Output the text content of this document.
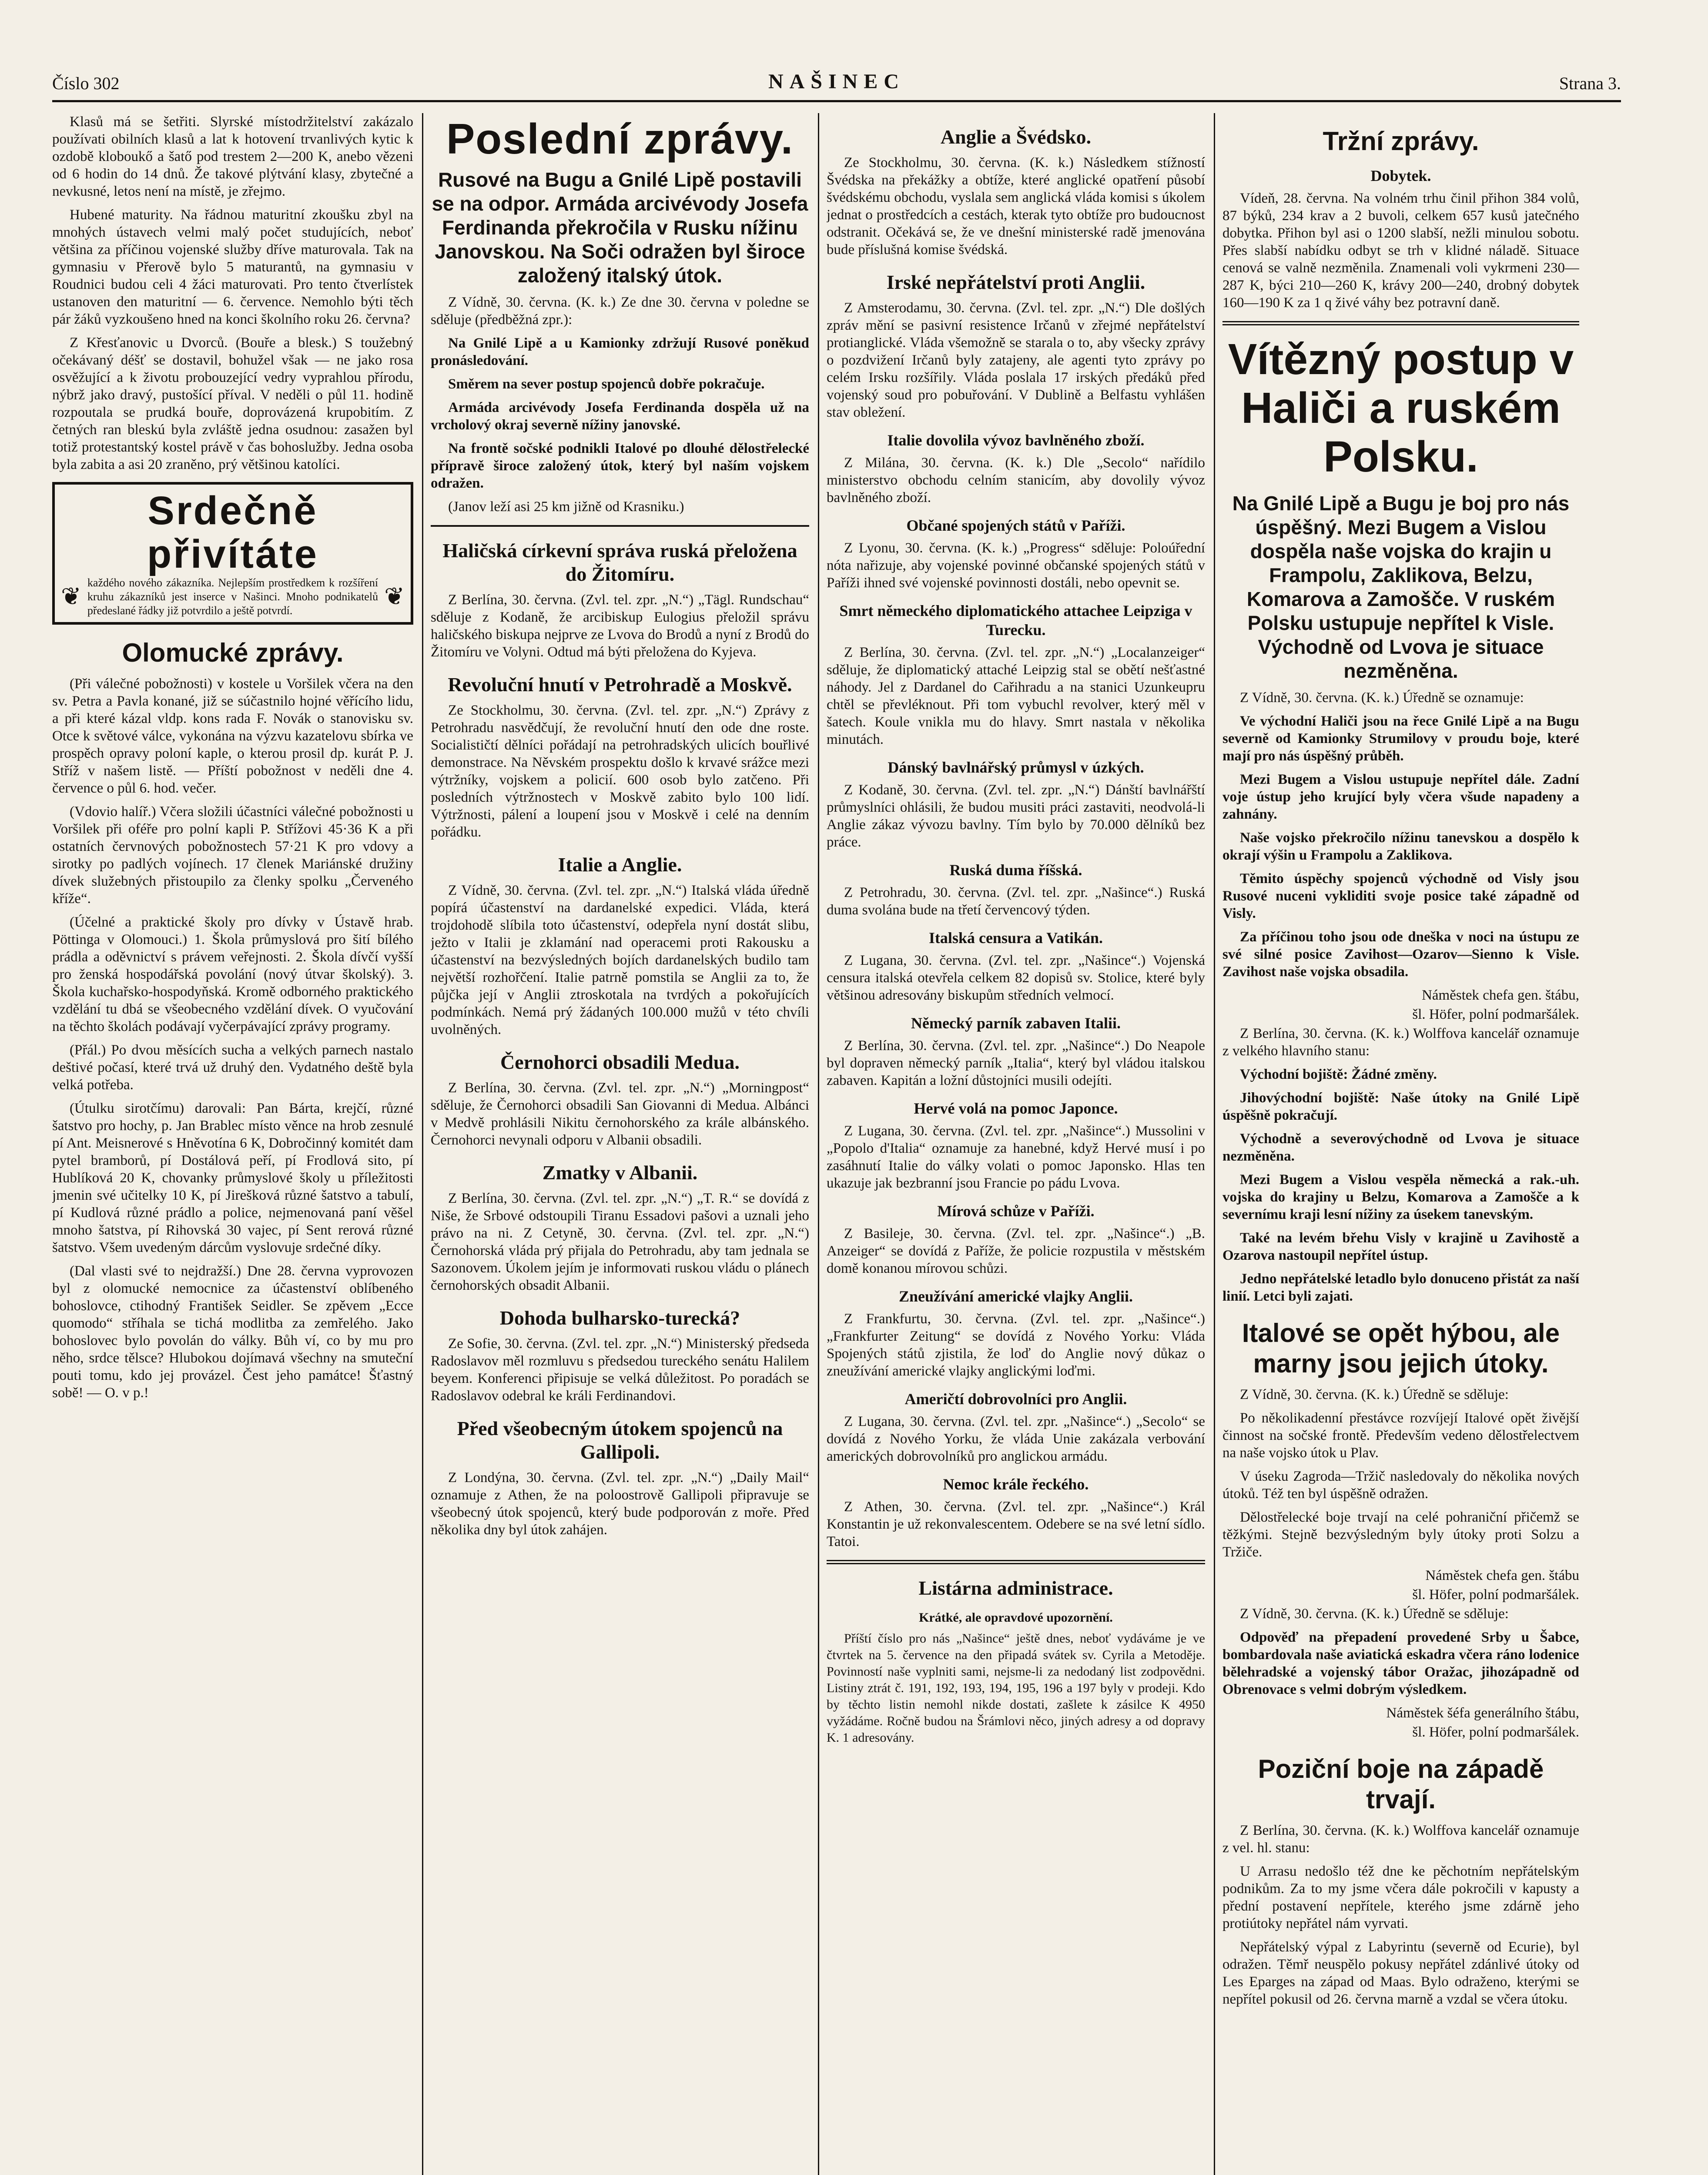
Číslo 302	NAŠINEC	Strana 3.

Klasů má se šetřiti. Slyrské místodržitelství zakázalo používati obilních klasů a lat k hotovení trvanlivých kytic k ozdobě kloboukő a šatő pod trestem 2—200 K, anebo vězeni od 6 hodin do 14 dnů. Že takové plýtvání klasy, zbytečné a nevkusné, letos není na místě, je zřejmo.

Hubené maturity. Na řádnou maturitní zkoušku zbyl na mnohých ústavech velmi malý počet studujících, neboť většina za příčinou vojenské služby dříve maturovala. Tak na gymnasiu v Přerově bylo 5 maturantů, na gymnasiu v Roudnici budou celi 4 žáci maturovati. Pro tento čtverlístek ustanoven den maturitní — 6. července. Nemohlo býti těch pár žáků vyzkoušeno hned na konci školního roku 26. června?

Z Křesťanovic u Dvorců. (Bouře a blesk.) S toužebný očekávaný déšť se dostavil, bohužel však — ne jako rosa osvěžující a k životu probouzející vedry vyprahlou přírodu, nýbrž jako dravý, pustošící příval. V neděli o půl 11. hodině rozpoutala se prudká bouře, doprovázená krupobitím. Z četných ran bleskú byla zvláště jedna osudnou: zasažen byl totiž protestantský kostel právě v čas bohoslužby. Jedna osoba byla zabita a asi 20 zraněno, prý většinou katolíci.

Srdečně přivítáte
❦
každého nového zákazníka. Nejlepším prostředkem k rozšíření kruhu zákazníků jest inserce v Našinci. Mnoho podnikatelů předeslané řádky již potvrdilo a ještě potvrdí.
❦
Olomucké zprávy.

(Při válečné pobožnosti) v kostele u Voršilek včera na den sv. Petra a Pavla konané, již se súčastnilo hojné věřícího lidu, a při které kázal vldp. kons rada F. Novák o stanovisku sv. Otce k světové válce, vykonána na výzvu kazatelovu sbírka ve prospěch opravy poloní kaple, o kterou prosil dp. kurát P. J. Stříž v našem listě. — Příští pobožnost v neděli dne 4. července o půl 6. hod. večer.

(Vdovio halíř.) Včera složili účastníci válečné pobožnosti u Voršilek při oféře pro polní kapli P. Střížovi 45·36 K a při ostatních červnových pobožnostech 57·21 K pro vdovy a sirotky po padlých vojínech. 17 členek Mariánské družiny dívek služebných přistoupilo za členky spolku „Červeného kříže“.

(Účelné a praktické školy pro dívky v Ústavě hrab. Pöttinga v Olomouci.) 1. Škola průmyslová pro šití bílého prádla a oděvnictví s právem veřejnosti. 2. Škola dívčí vyšší pro ženská hospodářská povolání (nový útvar školský). 3. Škola kuchařsko-hospodyňská. Kromě odborného praktického vzdělání tu dbá se všeobecného vzdělání dívek. O vyučování na těchto školách podávají vyčerpávající zprávy programy.

(Přál.) Po dvou měsících sucha a velkých parnech nastalo deštivé počasí, které trvá už druhý den. Vydatného deště byla velká potřeba.

(Útulku sirotčímu) darovali: Pan Bárta, krejčí, různé šatstvo pro hochy, p. Jan Brablec místo věnce na hrob zesnulé pí Ant. Meisnerové s Hněvotína 6 K, Dobročinný komitét dam pytel bramborů, pí Dostálová peří, pí Frodlová sito, pí Hublíková 20 K, chovanky průmyslové školy u příležitosti jmenin své učitelky 10 K, pí Jirešková různé šatstvo a tabulí, pí Kudlová různé prádlo a police, nejmenovaná paní věšel mnoho šatstva, pí Rihovská 30 vajec, pí Sent rerová různé šatstvo. Všem uvedeným dárcům vyslovuje srdečné díky.

(Dal vlasti své to nejdražší.) Dne 28. června vyprovozen byl z olomucké nemocnice za účastenství oblíbeného bohoslovce, ctihodný František Seidler. Se zpěvem „Ecce quomodo“ stříhala se tichá modlitba za zemřelého. Jako bohoslovec bylo povolán do války. Bůh ví, co by mu pro něho, srdce tělsce? Hlubokou dojímavá všechny na smuteční pouti tomu, kdo jej provázel. Čest jeho památce! Šťastný sobě! — O. v p.!

Poslední zprávy.
Rusové na Bugu a Gnilé Lipě postavili se na odpor. Armáda arcivévody Josefa Ferdinanda překročila v Rusku nížinu Janovskou. Na Soči odražen byl široce založený italský útok.

Z Vídně, 30. června. (K. k.) Ze dne 30. června v poledne se sděluje (předběžná zpr.):

Na Gnilé Lipě a u Kamionky zdržují Rusové poněkud pronásledování.

Směrem na sever postup spojenců dobře pokračuje.

Armáda arcivévody Josefa Ferdinanda dospěla už na vrcholový okraj severně nížiny janovské.

Na frontě sočské podnikli Italové po dlouhé dělostřelecké přípravě široce založený útok, který byl naším vojskem odražen.

(Janov leží asi 25 km jižně od Krasniku.)

Haličská církevní správa ruská přeložena do Žitomíru.

Z Berlína, 30. června. (Zvl. tel. zpr. „N.“) „Tägl. Rundschau“ sděluje z Kodaně, že arcibiskup Eulogius přeložil správu haličského biskupa nejprve ze Lvova do Brodů a nyní z Brodů do Žitomíru ve Volyni. Odtud má býti přeložena do Kyjeva.

Revoluční hnutí v Petrohradě a Moskvě.

Ze Stockholmu, 30. června. (Zvl. tel. zpr. „N.“) Zprávy z Petrohradu nasvědčují, že revoluční hnutí den ode dne roste. Socialističtí dělníci pořádají na petrohradských ulicích bouřlivé demonstrace. Na Něvském prospektu došlo k krvavé srážce mezi výtržníky, vojskem a policií. 600 osob bylo zatčeno. Při posledních výtržnostech v Moskvě zabito bylo 100 lidí. Výtržnosti, pálení a loupení jsou v Moskvě i celé na denním pořádku.

Italie a Anglie.

Z Vídně, 30. června. (Zvl. tel. zpr. „N.“) Italská vláda úředně popírá účastenství na dardanelské expedici. Vláda, která trojdohodě slíbila toto účastenství, odepřela nyní dostát slibu, ježto v Italii je zklamání nad operacemi proti Rakousku a účastenství na bezvýsledných bojích dardanelských budilo tam největší rozhořčení. Italie patrně pomstila se Anglii za to, že půjčka její v Anglii ztroskotala na tvrdých a pokořujících podmínkách. Nemá prý žádaných 100.000 mužů v této chvíli uvolněných.

Černohorci obsadili Medua.

Z Berlína, 30. června. (Zvl. tel. zpr. „N.“) „Morningpost“ sděluje, že Černohorci obsadili San Giovanni di Medua. Albánci v Medvě prohlásili Nikitu černohorského za krále albánského. Černohorci nevynali odporu v Albanii obsadili.

Zmatky v Albanii.

Z Berlína, 30. června. (Zvl. tel. zpr. „N.“) „T. R.“ se dovídá z Niše, že Srbové odstoupili Tiranu Essadovi pašovi a uznali jeho právo na ni. Z Cetyně, 30. června. (Zvl. tel. zpr. „N.“) Černohorská vláda prý přijala do Petrohradu, aby tam jednala se Sazonovem. Úkolem jejím je informovati ruskou vládu o plánech černohorských obsadit Albanii.

Dohoda bulharsko-turecká?

Ze Sofie, 30. června. (Zvl. tel. zpr. „N.“) Ministerský předseda Radoslavov měl rozmluvu s předsedou tureckého senátu Halilem beyem. Konferenci připisuje se velká důležitost. Po poradách se Radoslavov odebral ke králi Ferdinandovi.

Před všeobecným útokem spojenců na Gallipoli.

Z Londýna, 30. června. (Zvl. tel. zpr. „N.“) „Daily Mail“ oznamuje z Athen, že na poloostrově Gallipoli připravuje se všeobecný útok spojenců, který bude podporován z moře. Před několika dny byl útok zahájen.

Anglie a Švédsko.

Ze Stockholmu, 30. června. (K. k.) Následkem stížností Švédska na překážky a obtíže, které anglické opatření působí švédskému obchodu, vyslala sem anglická vláda komisi s úkolem jednat o prostředcích a cestách, kterak tyto obtíže pro budoucnost odstranit. Očekává se, že ve dnešní ministerské radě jmenována bude příslušná komise švédská.

Irské nepřátelství proti Anglii.

Z Amsterodamu, 30. června. (Zvl. tel. zpr. „N.“) Dle došlých zpráv mění se pasivní resistence Irčanů v zřejmé nepřátelství protianglické. Vláda všemožně se starala o to, aby všecky zprávy o pozdvižení Irčanů byly zatajeny, ale agenti tyto zprávy po celém Irsku rozšířily. Vláda poslala 17 irských předáků před vojenský soud pro pobuřování. V Dublině a Belfastu vyhlášen stav obležení.

Italie dovolila vývoz bavlněného zboží.

Z Milána, 30. června. (K. k.) Dle „Secolo“ nařídilo ministerstvo obchodu celním stanicím, aby dovolily vývoz bavlněného zboží.

Občané spojených států v Paříži.

Z Lyonu, 30. června. (K. k.) „Progress“ sděluje: Poloúřední nóta nařizuje, aby vojenské povinné občanské spojených států v Paříži ihned své vojenské povinnosti dostáli, nebo opevnit se.

Smrt německého diplomatického attachee Leipziga v Turecku.

Z Berlína, 30. června. (Zvl. tel. zpr. „N.“) „Localanzeiger“ sděluje, že diplomatický attaché Leipzig stal se obětí nešťastné náhody. Jel z Dardanel do Cařihradu a na stanici Uzunkeupru chtěl se převléknout. Při tom vybuchl revolver, který měl v šatech. Koule vnikla mu do hlavy. Smrt nastala v několika minutách.

Dánský bavlnářský průmysl v úzkých.

Z Kodaně, 30. června. (Zvl. tel. zpr. „N.“) Dánští bavlnářští průmyslníci ohlásili, že budou musiti práci zastaviti, neodvolá-li Anglie zákaz vývozu bavlny. Tím bylo by 70.000 dělníků bez práce.

Ruská duma říšská.

Z Petrohradu, 30. června. (Zvl. tel. zpr. „Našince“.) Ruská duma svolána bude na třetí červencový týden.

Italská censura a Vatikán.

Z Lugana, 30. června. (Zvl. tel. zpr. „Našince“.) Vojenská censura italská otevřela celkem 82 dopisů sv. Stolice, které byly většinou adresovány biskupům středních velmocí.

Německý parník zabaven Italii.

Z Berlína, 30. června. (Zvl. tel. zpr. „Našince“.) Do Neapole byl dopraven německý parník „Italia“, který byl vládou italskou zabaven. Kapitán a ložní důstojníci musili odejíti.

Hervé volá na pomoc Japonce.

Z Lugana, 30. června. (Zvl. tel. zpr. „Našince“.) Mussolini v „Popolo d'Italia“ oznamuje za hanebné, když Hervé musí i po zasáhnutí Italie do války volati o pomoc Japonsko. Hlas ten ukazuje jak bezbranní jsou Francie po pádu Lvova.

Mírová schůze v Paříži.

Z Basileje, 30. června. (Zvl. tel. zpr. „Našince“.) „B. Anzeiger“ se dovídá z Paříže, že policie rozpustila v městském domě konanou mírovou schůzi.

Zneužívání americké vlajky Anglii.

Z Frankfurtu, 30. června. (Zvl. tel. zpr. „Našince“.) „Frankfurter Zeitung“ se dovídá z Nového Yorku: Vláda Spojených států zjistila, že loď do Anglie nový důkaz o zneužívání americké vlajky anglickými loďmi.

Američtí dobrovolníci pro Anglii.

Z Lugana, 30. června. (Zvl. tel. zpr. „Našince“.) „Secolo“ se dovídá z Nového Yorku, že vláda Unie zakázala verbování amerických dobrovolníků pro anglickou armádu.

Nemoc krále řeckého.

Z Athen, 30. června. (Zvl. tel. zpr. „Našince“.) Král Konstantin je už rekonvalescentem. Odebere se na své letní sídlo. Tatoi.

Listárna administrace.
Krátké, ale opravdové upozornění.

Příští číslo pro nás „Našince“ ještě dnes, neboť vydáváme je ve čtvrtek na 5. července na den připadá svátek sv. Cyrila a Metoděje. Povinností naše vyplniti sami, nejsme-li za nedodaný list zodpovědni. Listiny ztrát č. 191, 192, 193, 194, 195, 196 a 197 byly v prodeji. Kdo by těchto listin nemohl nikde dostati, zašlete k zásilce K 4950 vyžádáme. Ročně budou na Šrámlovi něco, jiných adresy a od dopravy K. 1 adresovány.

Tržní zprávy.
Dobytek.

Vídeň, 28. června. Na volném trhu činil přihon 384 volů, 87 býků, 234 krav a 2 buvoli, celkem 657 kusů jatečného dobytka. Přihon byl asi o 1200 slabší, nežli minulou sobotu. Přes slabší nabídku odbyt se trh v klidné náladě. Situace cenová se valně nezměnila. Znamenali voli vykrmeni 230—287 K, býci 210—260 K, krávy 200—240, drobný dobytek 160—190 K za 1 q živé váhy bez potravní daně.

Vítězný postup v Haliči a ruském Polsku.
Na Gnilé Lipě a Bugu je boj pro nás úspěšný. Mezi Bugem a Vislou dospěla naše vojska do krajin u Frampolu, Zaklikova, Belzu, Komarova a Zamošče. V ruském Polsku ustupuje nepřítel k Visle. Východně od Lvova je situace nezměněna.

Z Vídně, 30. června. (K. k.) Úředně se oznamuje:

Ve východní Haliči jsou na řece Gnilé Lipě a na Bugu severně od Kamionky Strumilovy v proudu boje, které mají pro nás úspěšný průběh.

Mezi Bugem a Vislou ustupuje nepřítel dále. Zadní voje ústup jeho krující byly včera všude napadeny a zahnány.

Naše vojsko překročilo nížinu tanevskou a dospělo k okrají výšin u Frampolu a Zaklikova.

Těmito úspěchy spojenců východně od Visly jsou Rusové nuceni vykliditi svoje posice také západně od Visly.

Za příčinou toho jsou ode dneška v noci na ústupu ze své silné posice Zavihost—Ozarov—Sienno k Visle. Zavihost naše vojska obsadila.

Náměstek chefa gen. štábu,
šl. Höfer, polní podmaršálek.

Z Berlína, 30. června. (K. k.) Wolffova kancelář oznamuje z velkého hlavního stanu:

Východní bojiště: Žádné změny.

Jihovýchodní bojiště: Naše útoky na Gnilé Lipě úspěšně pokračují.

Východně a severovýchodně od Lvova je situace nezměněna.

Mezi Bugem a Vislou vespěla německá a rak.-uh. vojska do krajiny u Belzu, Komarova a Zamošče a k severnímu kraji lesní nížiny za úsekem tanevským.

Také na levém břehu Visly v krajině u Zavihostě a Ozarova nastoupil nepřítel ústup.

Jedno nepřátelské letadlo bylo donuceno přistát za naší linií. Letci byli zajati.

Italové se opět hýbou, ale marny jsou jejich útoky.

Z Vídně, 30. června. (K. k.) Úředně se sděluje:

Po několikadenní přestávce rozvíjejí Italové opět živější činnost na sočské frontě. Především vedeno dělostřelectvem na naše vojsko útok u Plav.

V úseku Zagroda—Tržič nasledovaly do několika nových útoků. Též ten byl úspěšně odražen.

Dělostřelecké boje trvají na celé pohraniční přičemž se těžkými. Stejně bezvýsledným byly útoky proti Solzu a Tržiče.

Náměstek chefa gen. štábu
šl. Höfer, polní podmaršálek.

Z Vídně, 30. června. (K. k.) Úředně se sděluje:

Odpověď na přepadení provedené Srby u Šabce, bombardovala naše aviatická eskadra včera ráno lodenice bělehradské a vojenský tábor Oražac, jihozápadně od Obrenovace s velmi dobrým výsledkem.

Náměstek šéfa generálního štábu,
šl. Höfer, polní podmaršálek.
Poziční boje na západě trvají.

Z Berlína, 30. června. (K. k.) Wolffova kancelář oznamuje z vel. hl. stanu:

U Arrasu nedošlo též dne ke pěchotním nepřátelským podnikům. Za to my jsme včera dále pokročili v kapusty a přední postavení nepřítele, kterého jsme zdárně jeho protiútoky nepřátel nám vyrvati.

Nepřátelský výpal z Labyrintu (severně od Ecurie), byl odražen. Těmř neuspělo pokusy nepřátel zdánlivé útoky od Les Eparges na západ od Maas. Bylo odraženo, kterými se nepřítel pokusil od 26. června marně a vzdal se včera útoku.
